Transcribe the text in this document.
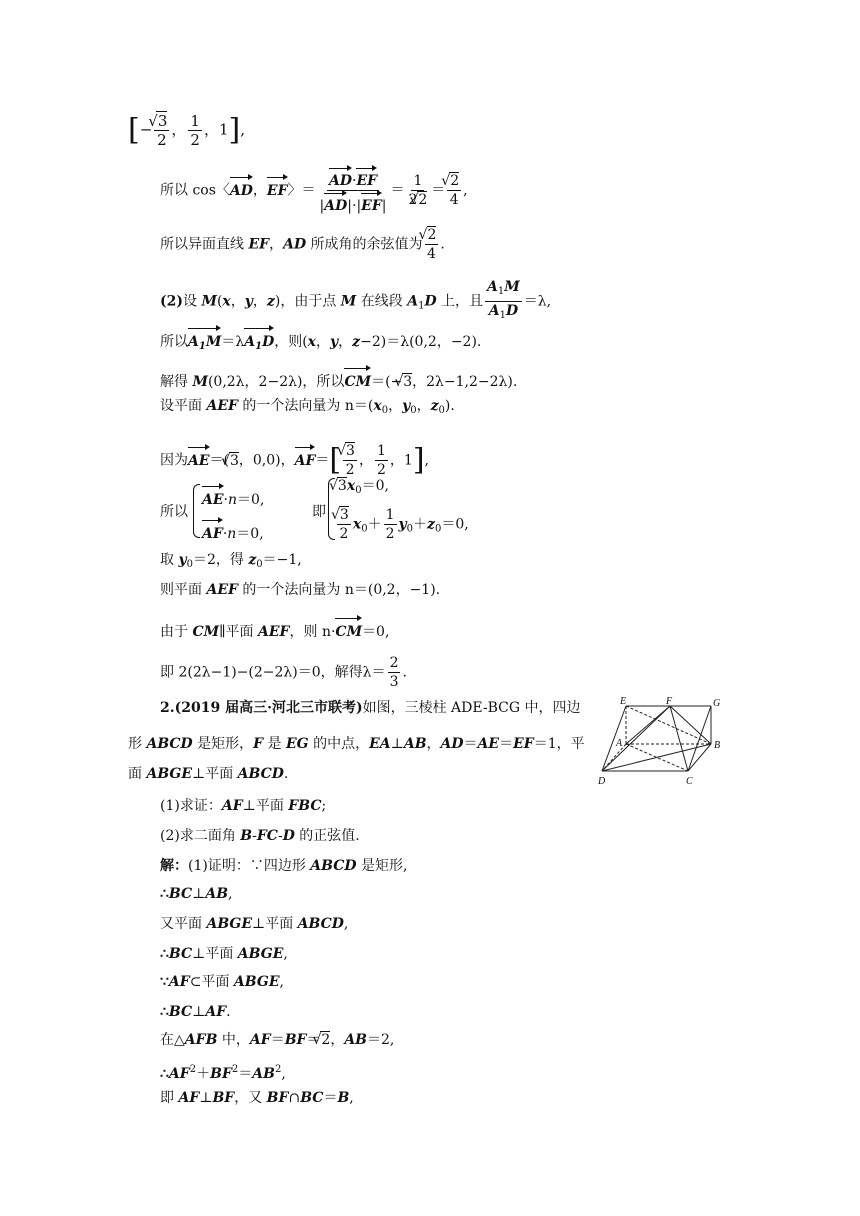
[− √ $\frac{3}{2}$ ， $\frac{1}{2}$ ，1],
所以 cos〈AD，EF〉＝ $\frac{AD\cdot EF}{|AD|\cdot|EF|} = \frac{1}{2√ 2}$ ＝ √ $\frac{2}{4}$ ,
所以异面直线 EF，AD 所成角的余弦值为 √ $\frac{2}{4}$ .
(2)设 M(x，y，z)，由于点 M 在线段 $A_1D$ 上，且 $\frac{A_1M}{A_1D} =\lambda$,
所以$A_1M=\lambda A_1D$，则(x，y，z−2)＝λ(0,2，−2).
解得 M(0,2λ，2−2λ)，所以CM＝(−√ 3，2λ−1,2−2λ).
设平面 AEF 的一个法向量为 $n=(x_0$，$y_0$，$z_0$).
因为AE＝(√ 3，0,0)，AF＝[ √ $\frac{3}{2}$ ， $\frac{1}{2}$ ，1],
所以
AE·n＝0,
AF·n＝0,
即
√ $3x_0=0$,
√ $\frac{3}{2} x_0+ \frac{1}{2} y_0+z_0=0$,
取 $y_0=2$，得 $z_0=-1$,
则平面 AEF 的一个法向量为 n＝(0,2，−1).
由于 CM∥平面 AEF，则 n·CM＝0,
即 2(2λ−1)−(2−2λ)＝0，解得$\lambda= \frac{2}{3}$ .
2.(2019 届高三·河北三市联考)如图，三棱柱 ADE-BCG 中，四边
形 ABCD 是矩形，F 是 EG 的中点，EA⊥AB，AD＝AE＝EF＝1，平
面 ABGE⊥平面 ABCD.
(1)求证：AF⊥平面 FBC;
(2)求二面角 B-FC-D 的正弦值.
解：(1)证明：∵四边形 ABCD 是矩形,
∴BC⊥AB,
又平面 ABGE⊥平面 ABCD,
∴BC⊥平面 ABGE,
∵AF⊂平面 ABGE,
∴BC⊥AF.
在△AFB 中，AF＝BF＝√ 2，AB＝2,
$\therefore AF^2+BF^2=AB^2$,
即 AF⊥BF，又 BF∩BC＝B,
E	F	G
A	B
D	C
